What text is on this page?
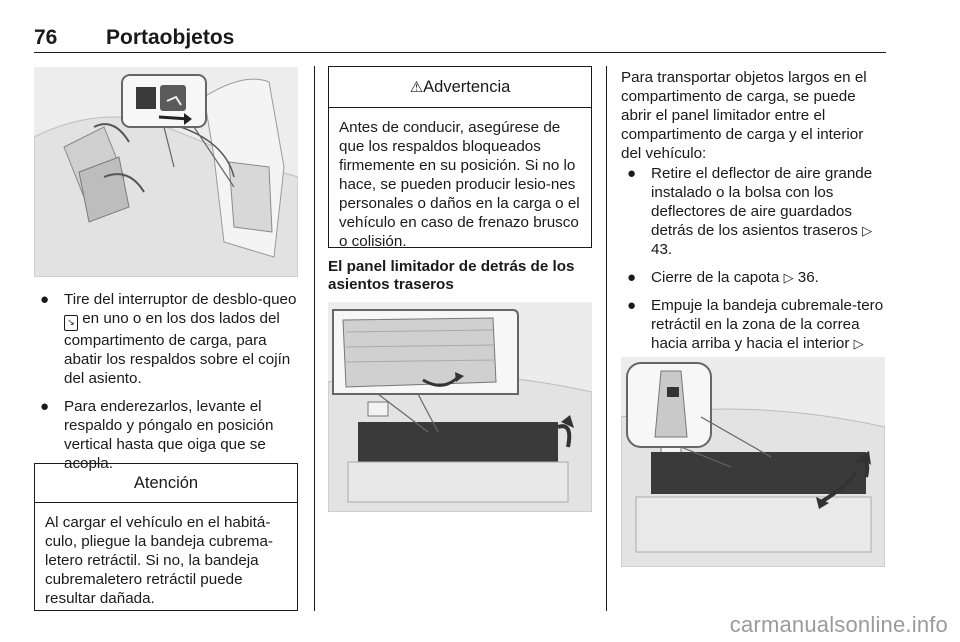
76 Portaobjetos
● Tire del interruptor de desblo-queo ↘ en uno o en los dos lados del compartimento de carga, para abatir los respaldos sobre el cojín del asiento.
● Para enderezarlos, levante el respaldo y póngalo en posición vertical hasta que oiga que se acopla.
Atención
Al cargar el vehículo en el habitá-culo, pliegue la bandeja cubrema-letero retráctil. Si no, la bandeja cubremaletero retráctil puede resultar dañada.
⚠Advertencia
Antes de conducir, asegúrese de que los respaldos bloqueados firmemente en su posición. Si no lo hace, se pueden producir lesio-nes personales o daños en la carga o el vehículo en caso de frenazo brusco o colisión.
El panel limitador de detrás de los asientos traseros
Para transportar objetos largos en el compartimento de carga, se puede abrir el panel limitador entre el compartimento de carga y el interior del vehículo:
● Retire el deflector de aire grande instalado o la bolsa con los deflectores de aire guardados detrás de los asientos traseros ▷ 43.
● Cierre de la capota ▷ 36.
● Empuje la bandeja cubremale-tero retráctil en la zona de la correa hacia arriba y hacia el interior ▷
carmanualsonline.info
